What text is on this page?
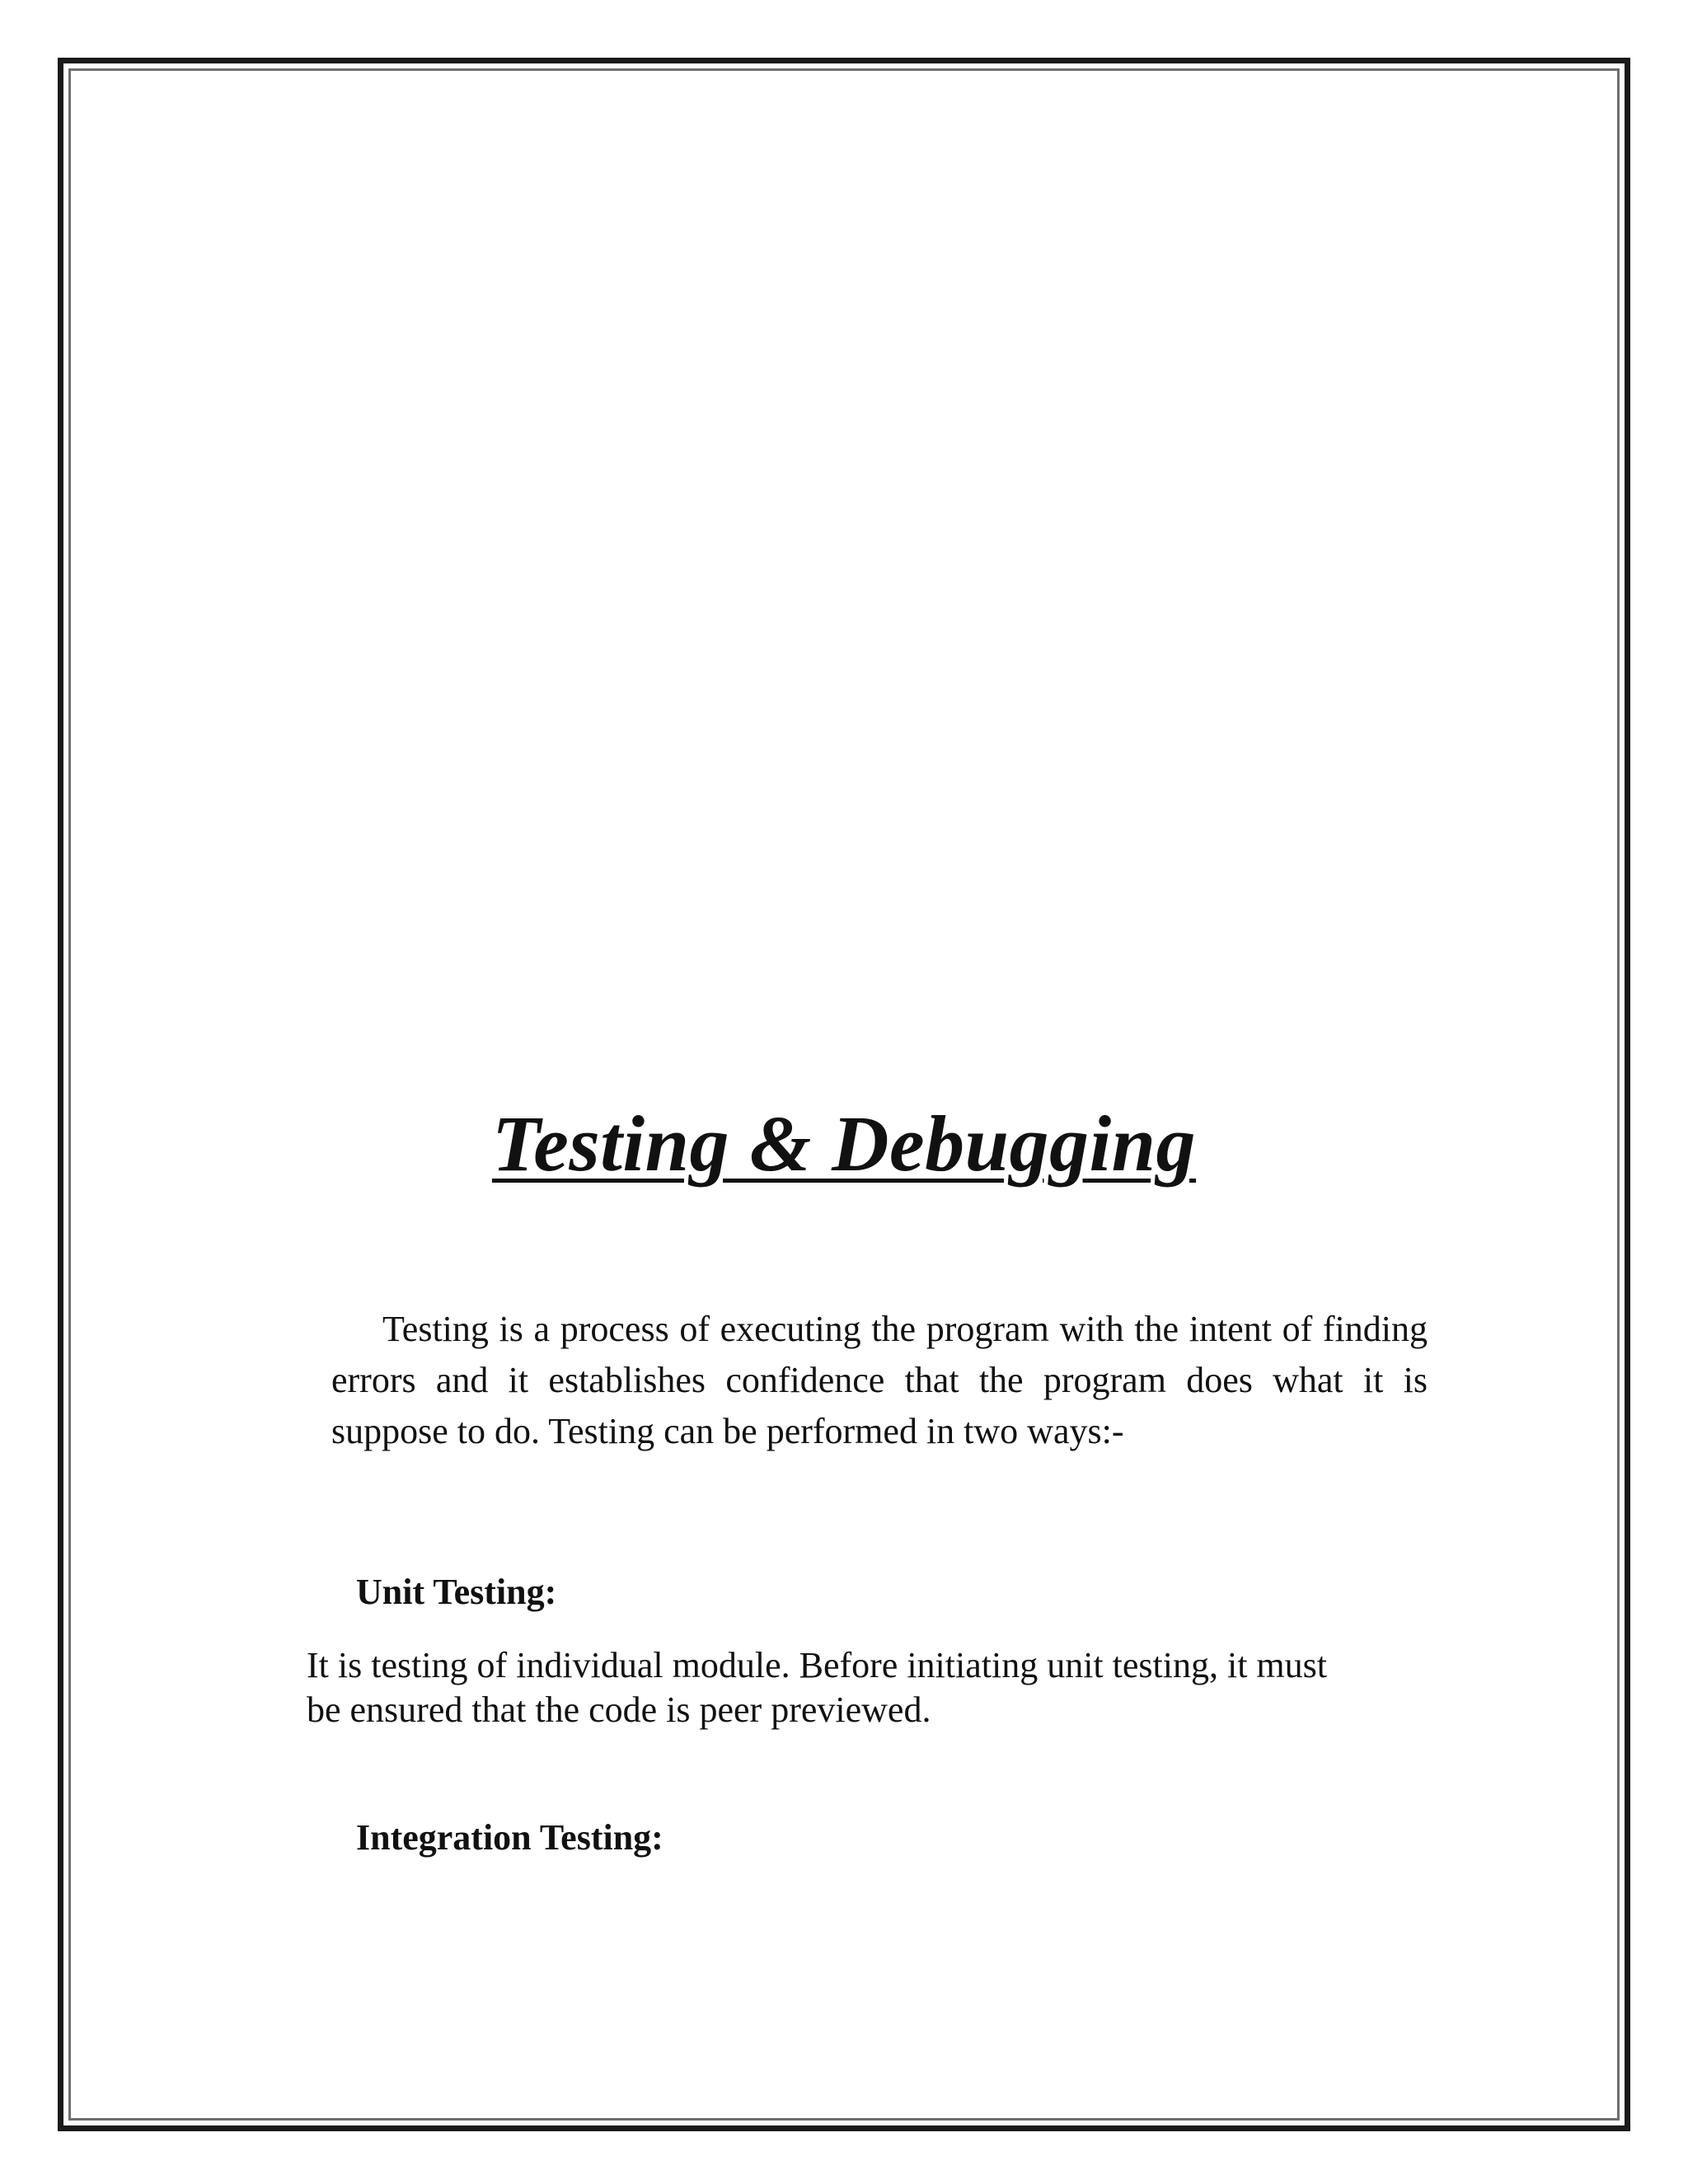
Testing & Debugging

Testing is a process of executing the program with the intent of finding errors and it establishes confidence that the program does what it is suppose to do. Testing can be performed in two ways:-

Unit Testing:
It is testing of individual module. Before initiating unit testing, it must
be ensured that the code is peer previewed.
Integration Testing:
